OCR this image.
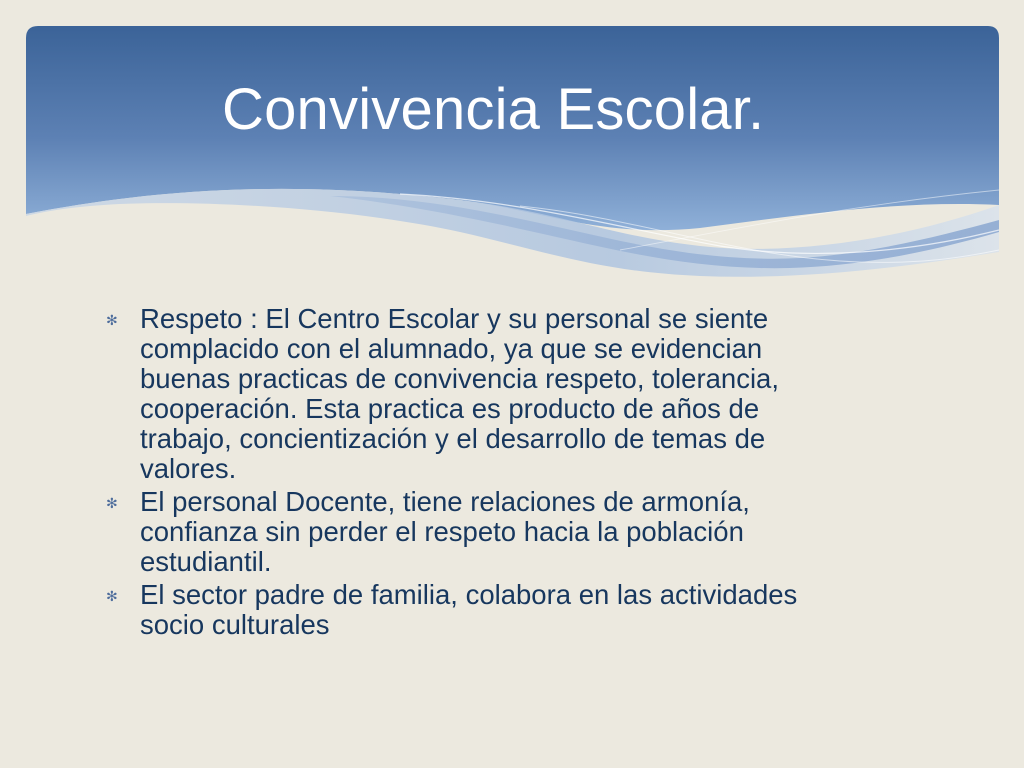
Convivencia Escolar.
✻ Respeto : El Centro Escolar y su personal se siente
complacido con el alumnado, ya que se evidencian
buenas practicas de convivencia respeto, tolerancia,
cooperación. Esta practica es producto de años de
trabajo, concientización y el desarrollo de temas de
valores.
✻ El personal Docente, tiene relaciones de armonía,
confianza sin perder el respeto hacia la población
estudiantil.
✻ El sector padre de familia, colabora en las actividades
socio culturales
